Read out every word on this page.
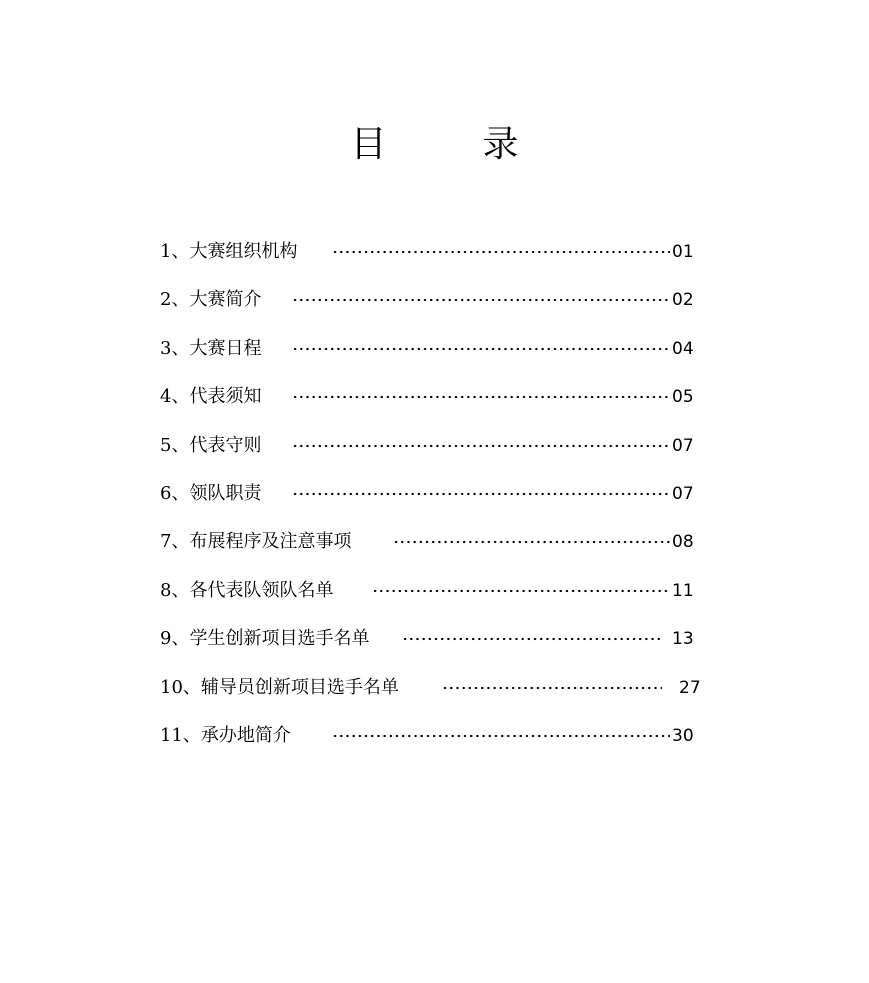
目	录
1、大赛组织机构	01
2、大赛简介	02
3、大赛日程	04
4、代表须知	05
5、代表守则	07
6、领队职责	07
7、布展程序及注意事项	08
8、各代表队领队名单	11
9、学生创新项目选手名单	13
10、辅导员创新项目选手名单	27
11、承办地简介	30
